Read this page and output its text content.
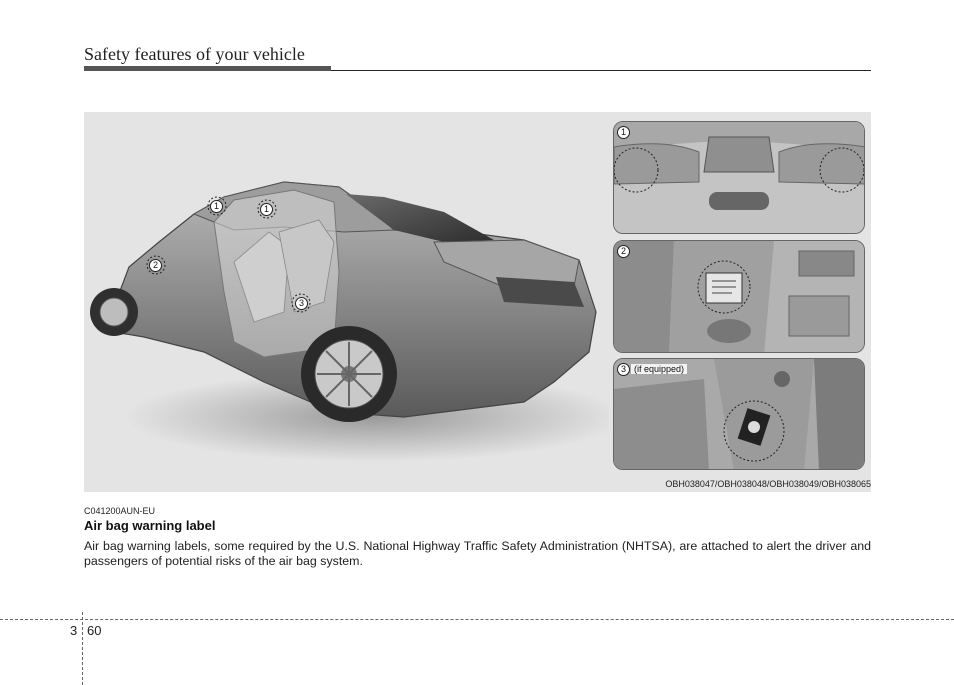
Safety features of your vehicle
1	1
2
3
1
2
3 (if equipped)
OBH038047/OBH038048/OBH038049/OBH038065
C041200AUN-EU
Air bag warning label
Air bag warning labels, some required by the U.S. National Highway Traffic Safety Administration (NHTSA), are attached to alert the driver and passengers of potential risks of the air bag system.
3 60
